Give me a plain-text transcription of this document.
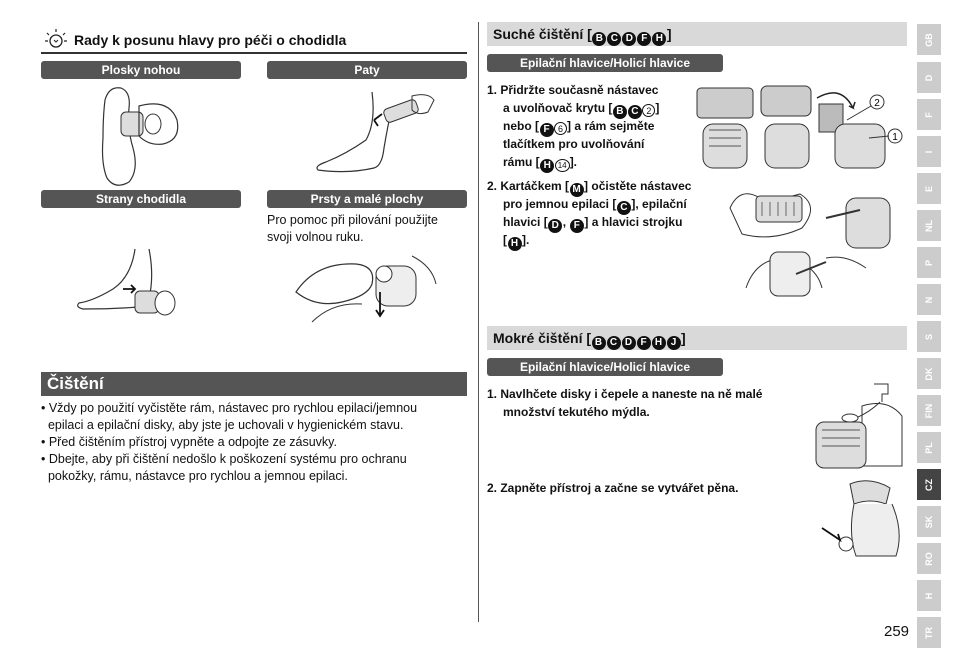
Rady k posunu hlavy pro péči o chodidla
Plosky nohou	Paty
Strany chodidla	Prsty a malé plochy
Pro pomoc při pilování použijte
svoji volnou ruku.
Čištění
• Vždy po použití vyčistěte rám, nástavec pro rychlou epilaci/jemnou
epilaci a epilační disky, aby jste je uchovali v hygienickém stavu.
• Před čištěním přístroj vypněte a odpojte ze zásuvky.
• Dbejte, aby při čištění nedošlo k poškození systému pro ochranu
pokožky, rámu, nástavce pro rychlou a jemnou epilaci.
Suché čištění [ B C D F H ]
Epilační hlavice/Holicí hlavice
1. Přidržte současně nástavec
a uvolňovač krytu [ B C 2 ]
nebo [ F 6 ] a rám sejměte
tlačítkem pro uvolňování
rámu [ H 14 ].
2
1
2. Kartáčkem [ M ] očistěte nástavec
pro jemnou epilaci [ C ], epilační
hlavici [ D , F ] a hlavici strojku
[ H ].
Mokré čištění [ B C D F H J ]
Epilační hlavice/Holicí hlavice
1. Navlhčete disky i čepele a naneste na ně malé
množství tekutého mýdla.
2. Zapněte přístroj a začne se vytvářet pěna.
259
GB
D
F
I
E
NL
P
N
S
DK
FIN
PL
CZ
SK
RO
H
TR
